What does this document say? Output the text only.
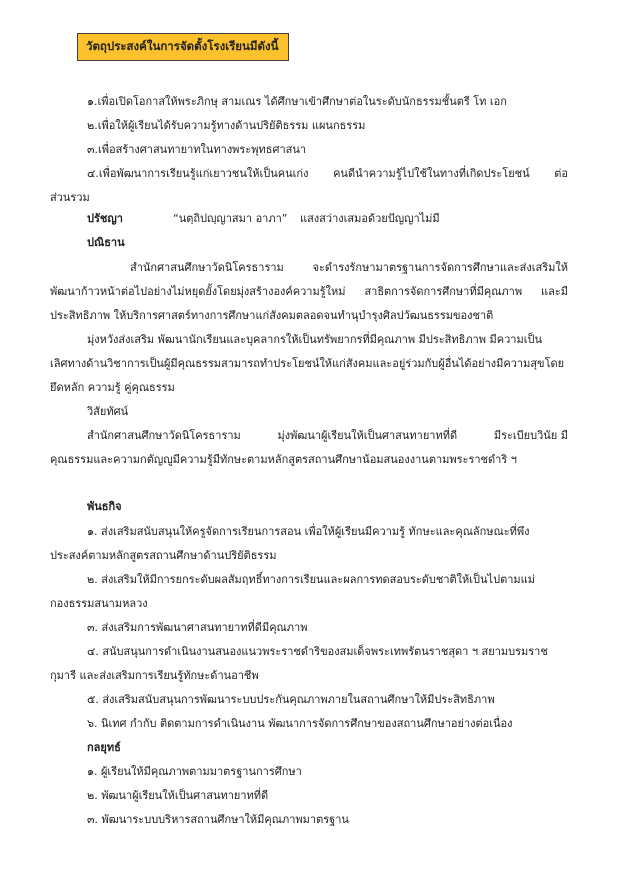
วัตถุประสงค์ในการจัดตั้งโรงเรียนมีดังนี้
๑.เพื่อเปิดโอกาสให้พระภิกษุ สามเณร ได้ศึกษาเข้าศึกษาต่อในระดับนักธรรมชั้นตรี โท เอก
๒.เพื่อให้ผู้เรียนได้รับความรู้ทางด้านปริยัติธรรม แผนกธรรม
๓.เพื่อสร้างศาสนทายาทในทางพระพุทธศาสนา
๔.เพื่อพัฒนาการเรียนรู้แก่เยาวชนให้เป็นคนเก่ง คนดีนำความรู้ไปใช้ในทางที่เกิดประโยชน์ ต่อ
ส่วนรวม
ปรัชญา	“นตฺถิปญฺญาสมา อาภา” แสงสว่างเสมอด้วยปัญญาไม่มี
ปณิธาน
สำนักศาสนศึกษาวัดนิโครธาราม	จะดำรงรักษามาตรฐานการจัดการศึกษาและส่งเสริมให้
พัฒนาก้าวหน้าต่อไปอย่างไม่หยุดยั้งโดยมุ่งสร้างองค์ความรู้ใหม่ สาธิตการจัดการศึกษาที่มีคุณภาพ และมี
ประสิทธิภาพ ให้บริการศาสตร์ทางการศึกษาแก่สังคมตลอดจนทำนุบำรุงศิลปวัฒนธรรมของชาติ
มุ่งหวังส่งเสริม พัฒนานักเรียนและบุคลากรให้เป็นทรัพยากรที่มีคุณภาพ มีประสิทธิภาพ มีความเป็น
เลิศทางด้านวิชาการเป็นผู้มีคุณธรรมสามารถทำประโยชน์ให้แก่สังคมและอยู่ร่วมกับผู้อื่นได้อย่างมีความสุขโดย
ยึดหลัก ความรู้ คู่คุณธรรม
วิสัยทัศน์
สำนักศาสนศึกษาวัดนิโครธาราม	มุ่งพัฒนาผู้เรียนให้เป็นศาสนทายาทที่ดี	มีระเบียบวินัย มี
คุณธรรมและความกตัญญูมีความรู้มีทักษะตามหลักสูตรสถานศึกษาน้อมสนองงานตามพระราชดำริ ฯ
พันธกิจ
๑. ส่งเสริมสนับสนุนให้ครูจัดการเรียนการสอน เพื่อให้ผู้เรียนมีความรู้ ทักษะและคุณลักษณะที่พึง
ประสงค์ตามหลักสูตรสถานศึกษาด้านปริยัติธรรม
๒. ส่งเสริมให้มีการยกระดับผลสัมฤทธิ์ทางการเรียนและผลการทดสอบระดับชาติให้เป็นไปตามแม่
กองธรรมสนามหลวง
๓. ส่งเสริมการพัฒนาศาสนทายาทที่ดีมีคุณภาพ
๔. สนับสนุนการดำเนินงานสนองแนวพระราชดำริของสมเด็จพระเทพรัตนราชสุดา ฯ สยามบรมราช
กุมารี และส่งเสริมการเรียนรู้ทักษะด้านอาชีพ
๕. ส่งเสริมสนับสนุนการพัฒนาระบบประกันคุณภาพภายในสถานศึกษาให้มีประสิทธิภาพ
๖. นิเทศ กำกับ ติดตามการดำเนินงาน พัฒนาการจัดการศึกษาของสถานศึกษาอย่างต่อเนื่อง
กลยุทธ์
๑. ผู้เรียนให้มีคุณภาพตามมาตรฐานการศึกษา
๒. พัฒนาผู้เรียนให้เป็นศาสนทายาทที่ดี
๓. พัฒนาระบบบริหารสถานศึกษาให้มีคุณภาพมาตรฐาน
